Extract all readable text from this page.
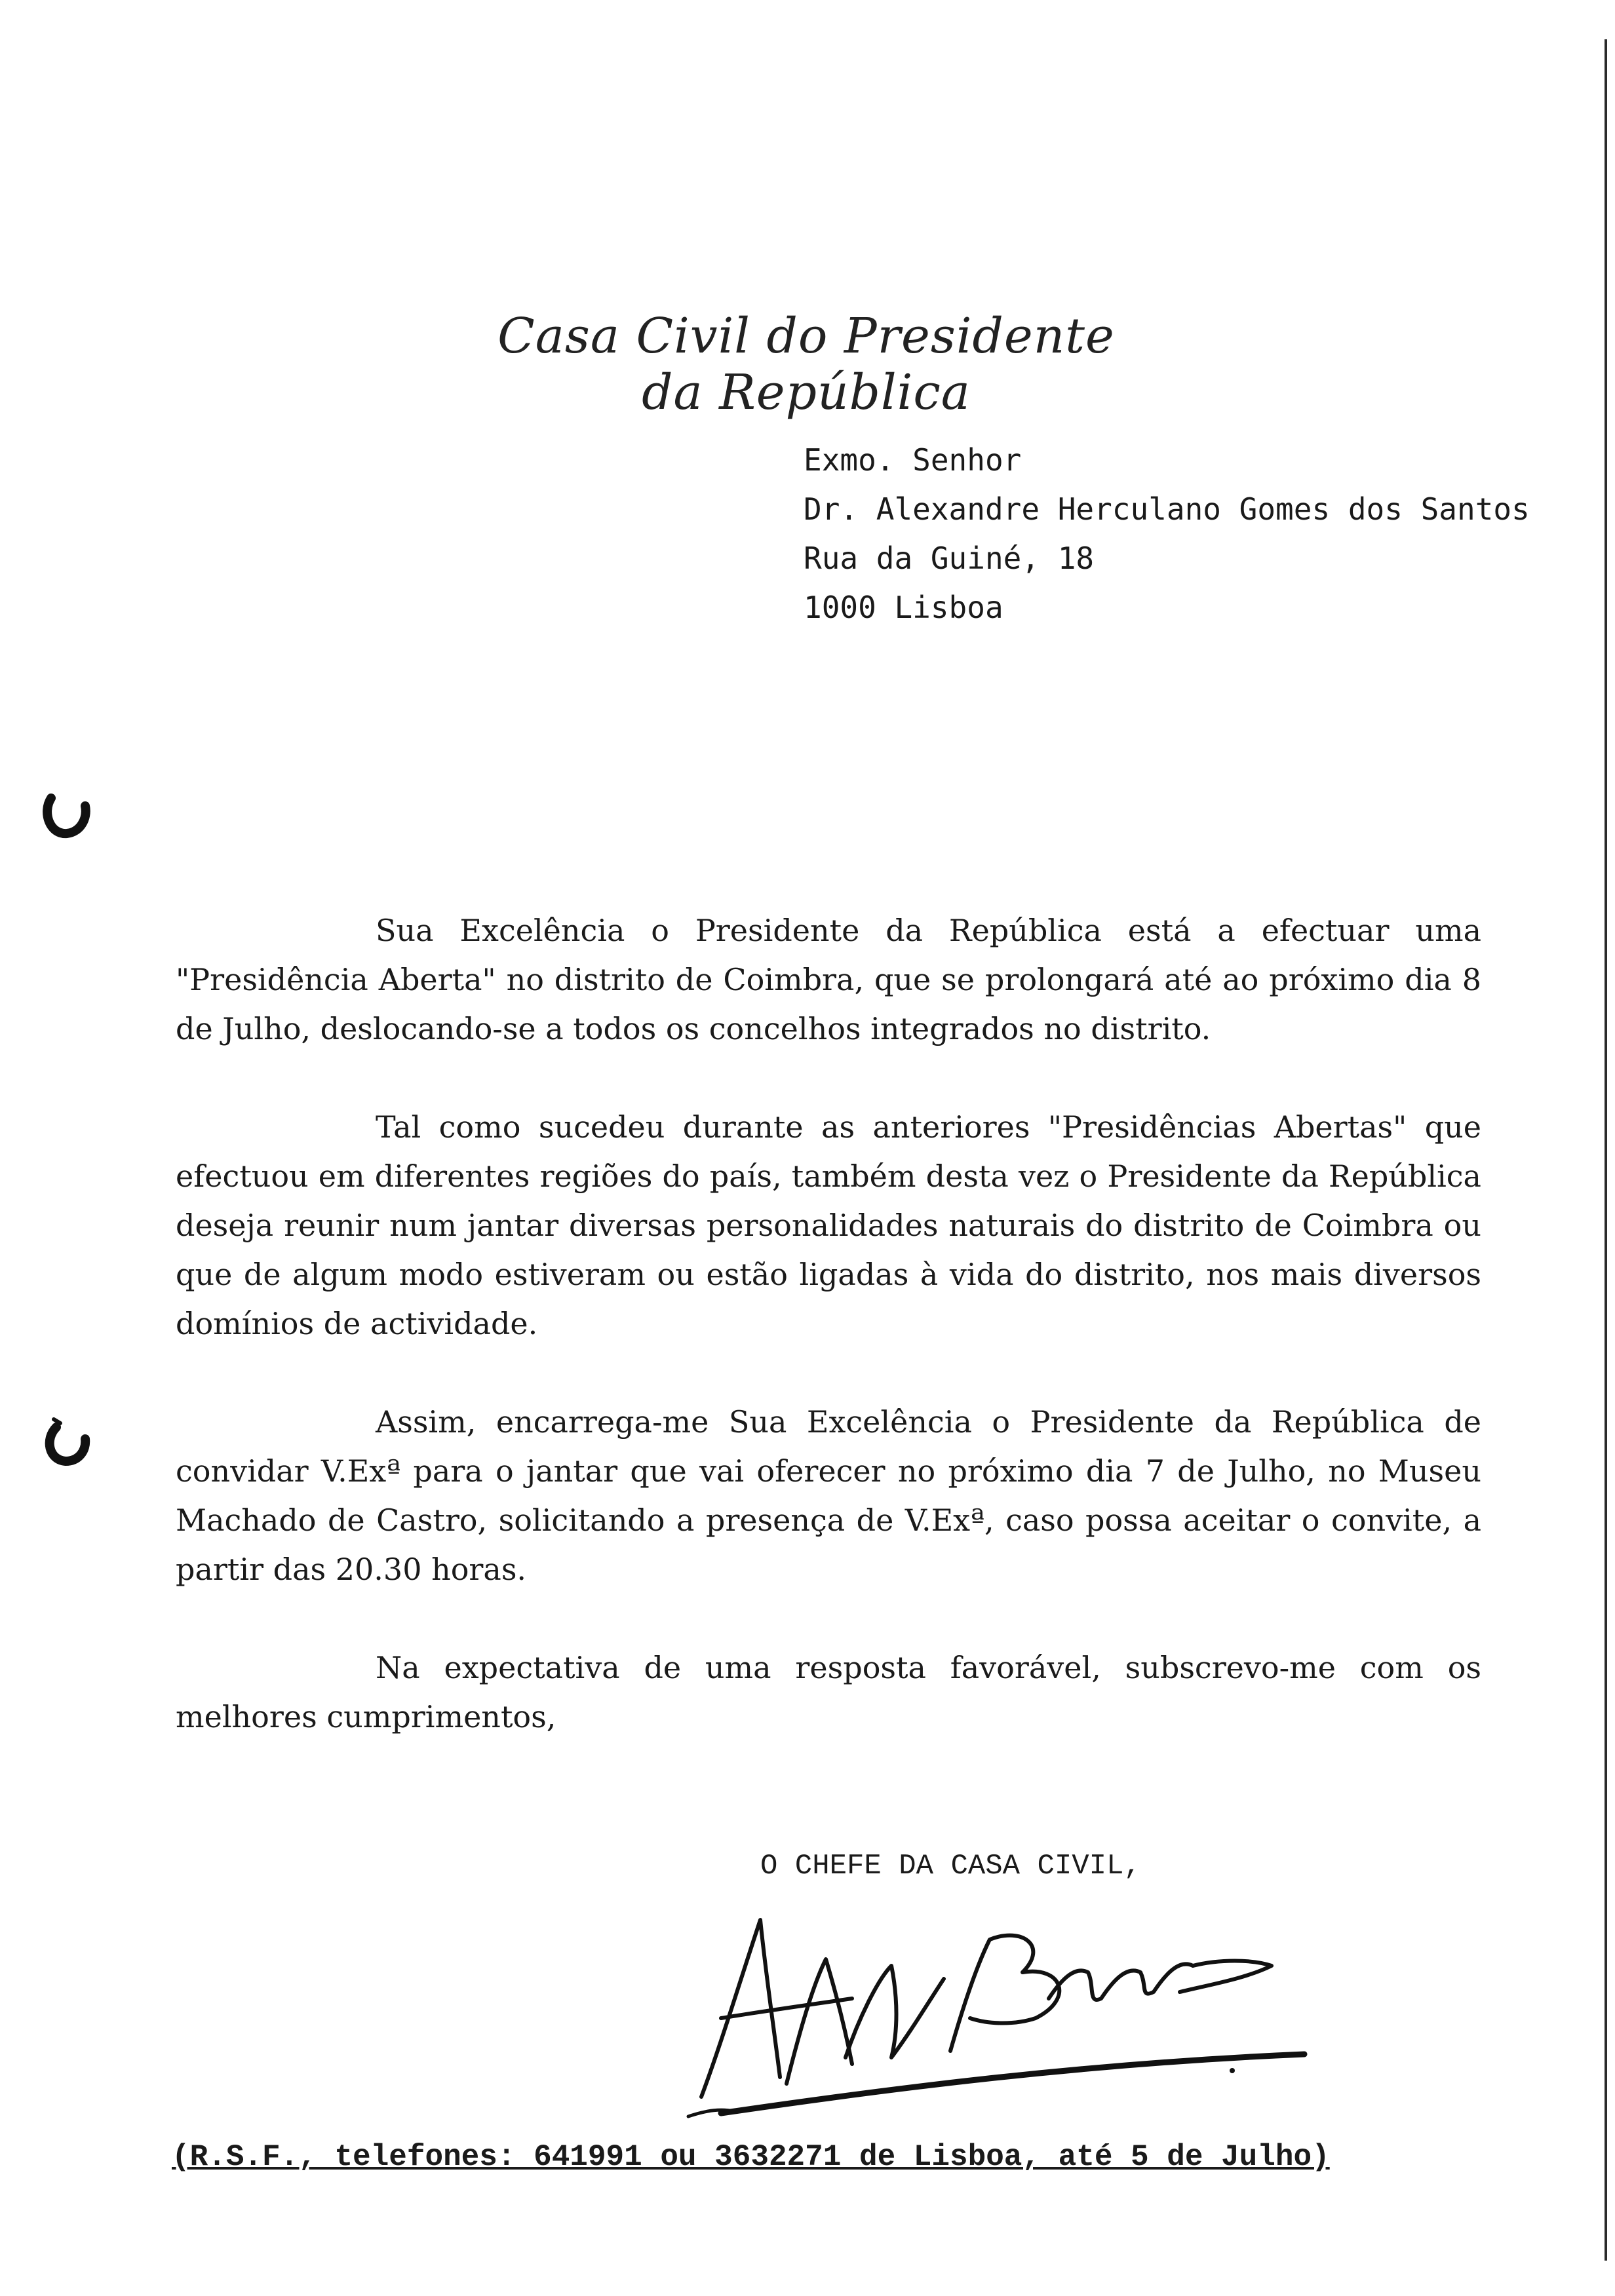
Casa Civil do Presidente da República
Exmo. Senhor
Dr. Alexandre Herculano Gomes dos Santos
Rua da Guiné, 18
1000 Lisboa

Sua Excelência o Presidente da República está a efectuar uma "Presidência Aberta" no distrito de Coimbra, que se prolongará até ao próximo dia 8 de Julho, deslocando-se a todos os concelhos integrados no distrito.

Tal como sucedeu durante as anteriores "Presidências Abertas" que efectuou em diferentes regiões do país, também desta vez o Presidente da República deseja reunir num jantar diversas personalidades naturais do distrito de Coimbra ou que de algum modo estiveram ou estão ligadas à vida do distrito, nos mais diversos domínios de actividade.

Assim, encarrega-me Sua Excelência o Presidente da República de convidar V.Exª para o jantar que vai oferecer no próximo dia 7 de Julho, no Museu Machado de Castro, solicitando a presença de V.Exª, caso possa aceitar o convite, a partir das 20.30 horas.

Na expectativa de uma resposta favorável, subscrevo-me com os melhores cumprimentos,

O CHEFE DA CASA CIVIL,
(R.S.F., telefones: 641991 ou 3632271 de Lisboa, até 5 de Julho)
